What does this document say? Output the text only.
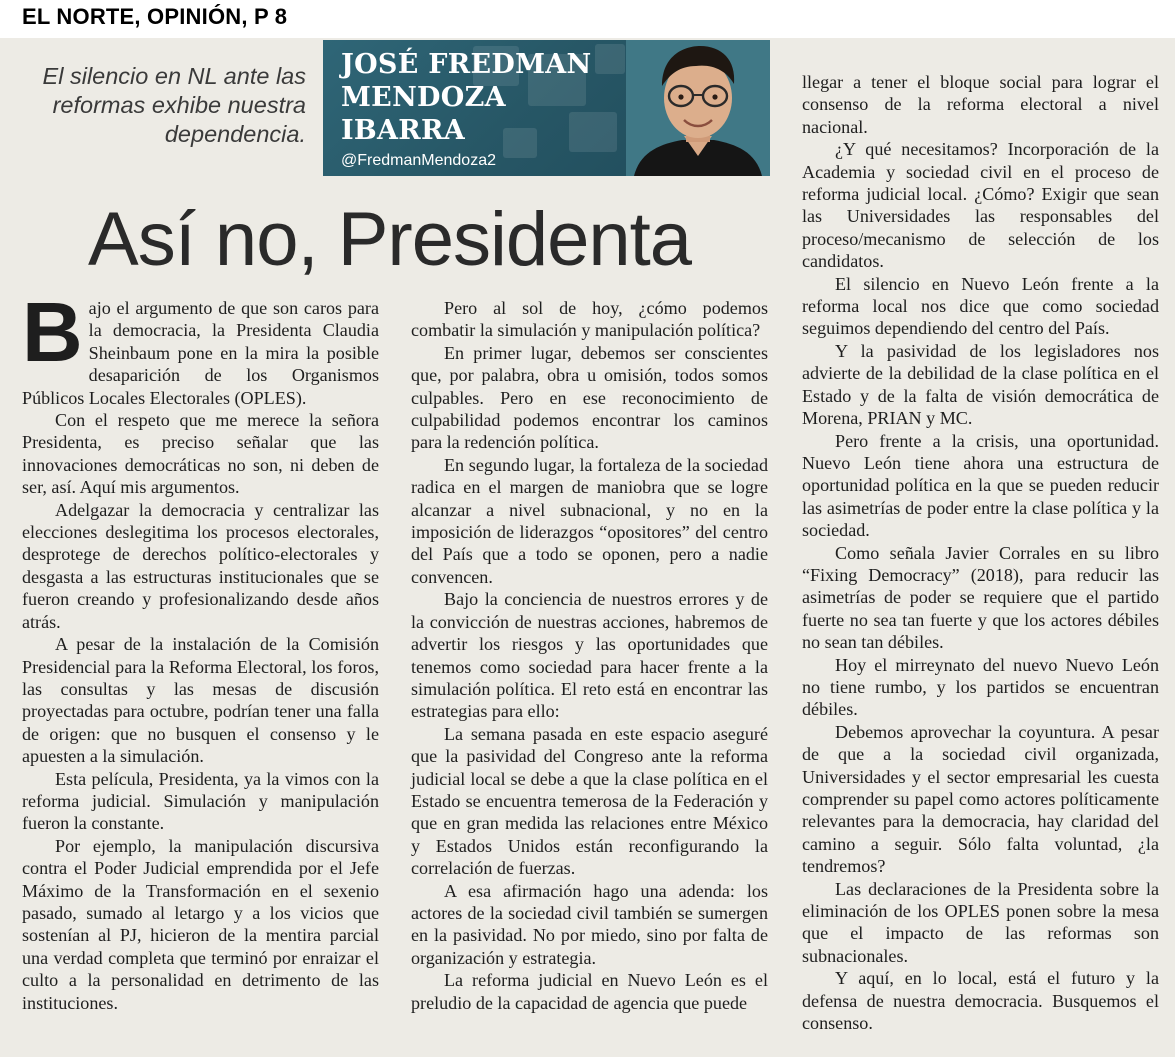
EL NORTE, OPINIÓN, P 8
El silencio en NL ante las reformas exhibe nuestra dependencia.
JOSÉ FREDMAN MENDOZA IBARRA
@FredmanMendoza2
Así no, Presidenta

Bajo el argumento de que son caros para la democracia, la Presidenta Claudia Sheinbaum pone en la mira la posible desaparición de los Organismos Públicos Locales Electorales (OPLES).

Con el respeto que me merece la señora Presidenta, es preciso señalar que las innovaciones democráticas no son, ni deben de ser, así. Aquí mis argumentos.

Adelgazar la democracia y centralizar las elecciones deslegitima los procesos electorales, desprotege de derechos político-electorales y desgasta a las estructuras institucionales que se fueron creando y profesionalizando desde años atrás.

A pesar de la instalación de la Comisión Presidencial para la Reforma Electoral, los foros, las consultas y las mesas de discusión proyectadas para octubre, podrían tener una falla de origen: que no busquen el consenso y le apuesten a la simulación.

Esta película, Presidenta, ya la vimos con la reforma judicial. Simulación y manipulación fueron la constante.

Por ejemplo, la manipulación discursiva contra el Poder Judicial emprendida por el Jefe Máximo de la Transformación en el sexenio pasado, sumado al letargo y a los vicios que sostenían al PJ, hicieron de la mentira parcial una verdad completa que terminó por enraizar el culto a la personalidad en detrimento de las instituciones.

Pero al sol de hoy, ¿cómo podemos combatir la simulación y manipulación política?

En primer lugar, debemos ser conscientes que, por palabra, obra u omisión, todos somos culpables. Pero en ese reconocimiento de culpabilidad podemos encontrar los caminos para la redención política.

En segundo lugar, la fortaleza de la sociedad radica en el margen de maniobra que se logre alcanzar a nivel subnacional, y no en la imposición de liderazgos “opositores” del centro del País que a todo se oponen, pero a nadie convencen.

Bajo la conciencia de nuestros errores y de la convicción de nuestras acciones, habremos de advertir los riesgos y las oportunidades que tenemos como sociedad para hacer frente a la simulación política. El reto está en encontrar las estrategias para ello:

La semana pasada en este espacio aseguré que la pasividad del Congreso ante la reforma judicial local se debe a que la clase política en el Estado se encuentra temerosa de la Federación y que en gran medida las relaciones entre México y Estados Unidos están reconfigurando la correlación de fuerzas.

A esa afirmación hago una adenda: los actores de la sociedad civil también se sumergen en la pasividad. No por miedo, sino por falta de organización y estrategia.

La reforma judicial en Nuevo León es el preludio de la capacidad de agencia que puede

llegar a tener el bloque social para lograr el consenso de la reforma electoral a nivel nacional.

¿Y qué necesitamos? Incorporación de la Academia y sociedad civil en el proceso de reforma judicial local. ¿Cómo? Exigir que sean las Universidades las responsables del proceso/mecanismo de selección de los candidatos.

El silencio en Nuevo León frente a la reforma local nos dice que como sociedad seguimos dependiendo del centro del País.

Y la pasividad de los legisladores nos advierte de la debilidad de la clase política en el Estado y de la falta de visión democrática de Morena, PRIAN y MC.

Pero frente a la crisis, una oportunidad. Nuevo León tiene ahora una estructura de oportunidad política en la que se pueden reducir las asimetrías de poder entre la clase política y la sociedad.

Como señala Javier Corrales en su libro “Fixing Democracy” (2018), para reducir las asimetrías de poder se requiere que el partido fuerte no sea tan fuerte y que los actores débiles no sean tan débiles.

Hoy el mirreynato del nuevo Nuevo León no tiene rumbo, y los partidos se encuentran débiles.

Debemos aprovechar la coyuntura. A pesar de que a la sociedad civil organizada, Universidades y el sector empresarial les cuesta comprender su papel como actores políticamente relevantes para la democracia, hay claridad del camino a seguir. Sólo falta voluntad, ¿la tendremos?

Las declaraciones de la Presidenta sobre la eliminación de los OPLES ponen sobre la mesa que el impacto de las reformas son subnacionales.

Y aquí, en lo local, está el futuro y la defensa de nuestra democracia. Busquemos el consenso.
